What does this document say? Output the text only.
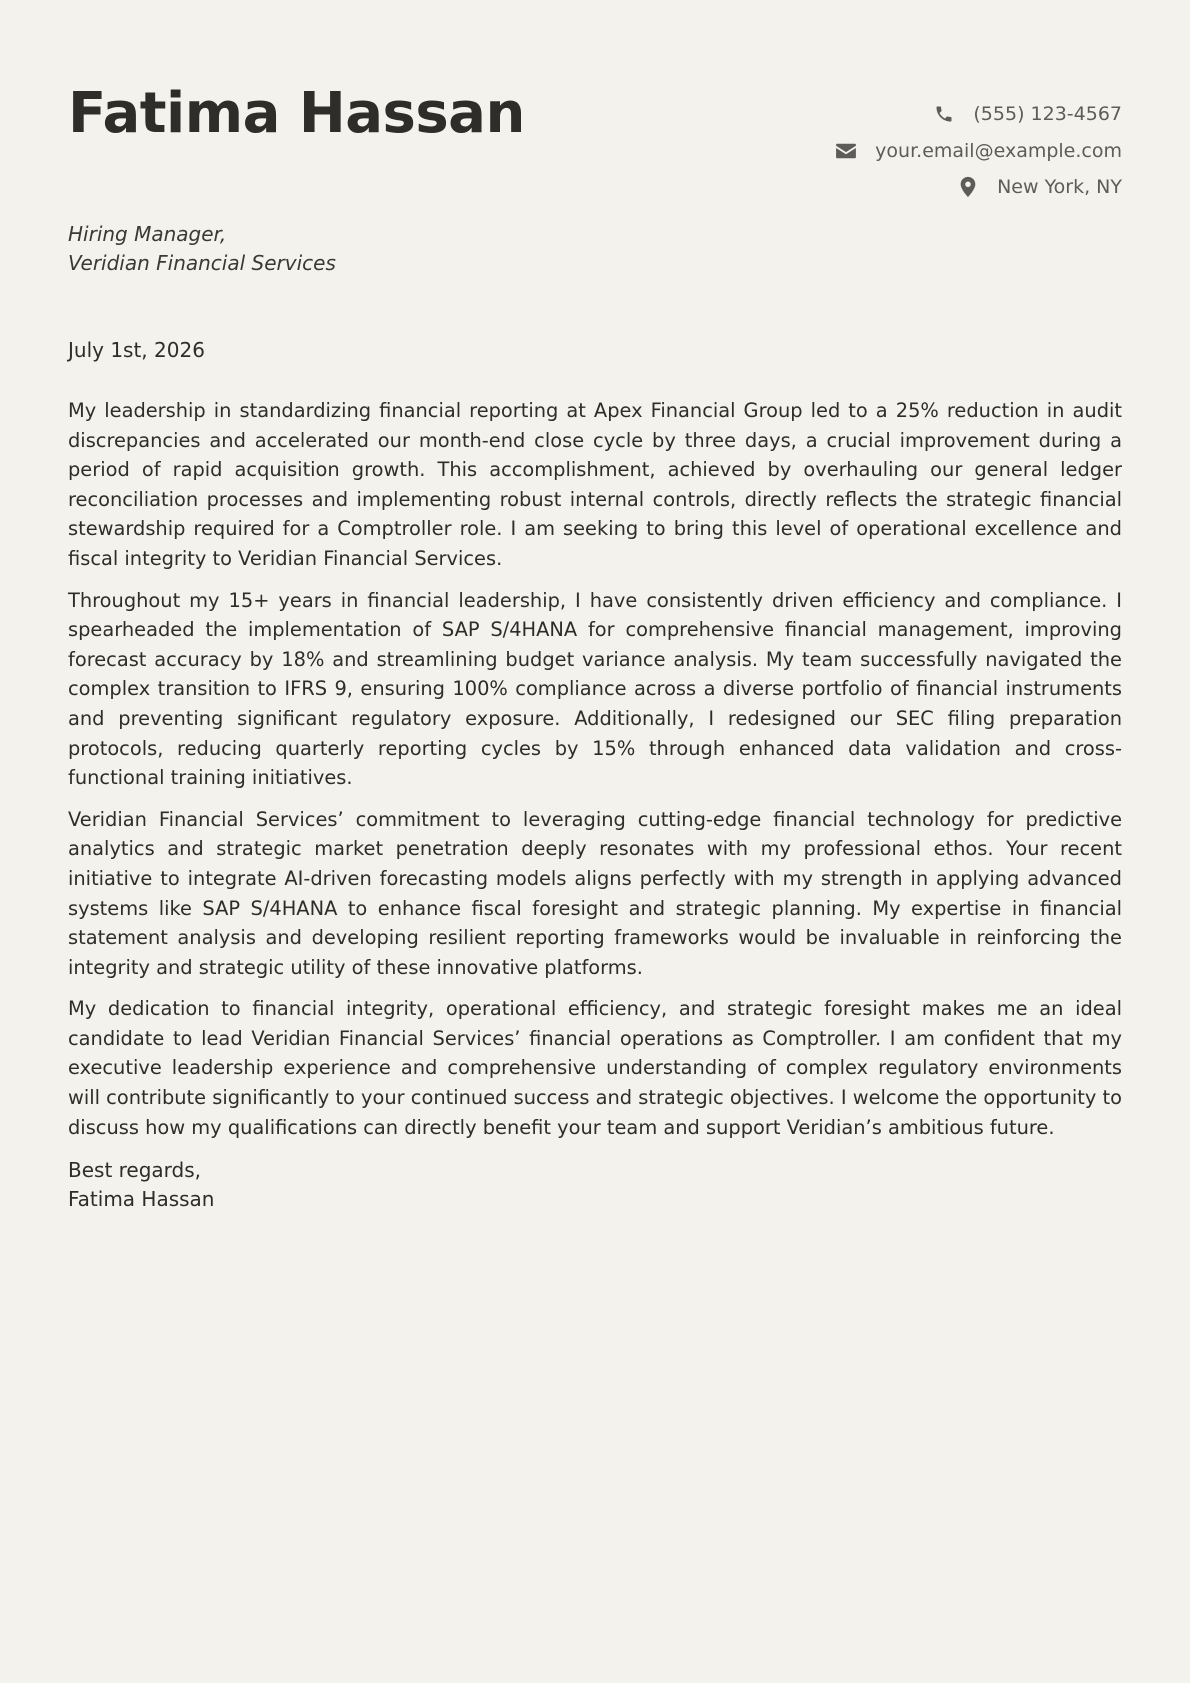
Fatima Hassan	(555) 123-4567
your.email@example.com
New York, NY
Hiring Manager,
Veridian Financial Services
July 1st, 2026

My leadership in standardizing financial reporting at Apex Financial Group led to a 25% reduction in audit discrepancies and accelerated our month-end close cycle by three days, a crucial improvement during a period of rapid acquisition growth. This accomplishment, achieved by overhauling our general ledger reconciliation processes and implementing robust internal controls, directly reflects the strategic financial stewardship required for a Comptroller role. I am seeking to bring this level of operational excellence and fiscal integrity to Veridian Financial Services.

Throughout my 15+ years in financial leadership, I have consistently driven efficiency and compliance. I spearheaded the implementation of SAP S/4HANA for comprehensive financial management, improving forecast accuracy by 18% and streamlining budget variance analysis. My team successfully navigated the complex transition to IFRS 9, ensuring 100% compliance across a diverse portfolio of financial instruments and preventing significant regulatory exposure. Additionally, I redesigned our SEC filing preparation protocols, reducing quarterly reporting cycles by 15% through enhanced data validation and cross-functional training initiatives.

Veridian Financial Services’ commitment to leveraging cutting-edge financial technology for predictive analytics and strategic market penetration deeply resonates with my professional ethos. Your recent initiative to integrate AI-driven forecasting models aligns perfectly with my strength in applying advanced systems like SAP S/4HANA to enhance fiscal foresight and strategic planning. My expertise in financial statement analysis and developing resilient reporting frameworks would be invaluable in reinforcing the integrity and strategic utility of these innovative platforms.

My dedication to financial integrity, operational efficiency, and strategic foresight makes me an ideal candidate to lead Veridian Financial Services’ financial operations as Comptroller. I am confident that my executive leadership experience and comprehensive understanding of complex regulatory environments will contribute significantly to your continued success and strategic objectives. I welcome the opportunity to discuss how my qualifications can directly benefit your team and support Veridian’s ambitious future.

Best regards,
Fatima Hassan
